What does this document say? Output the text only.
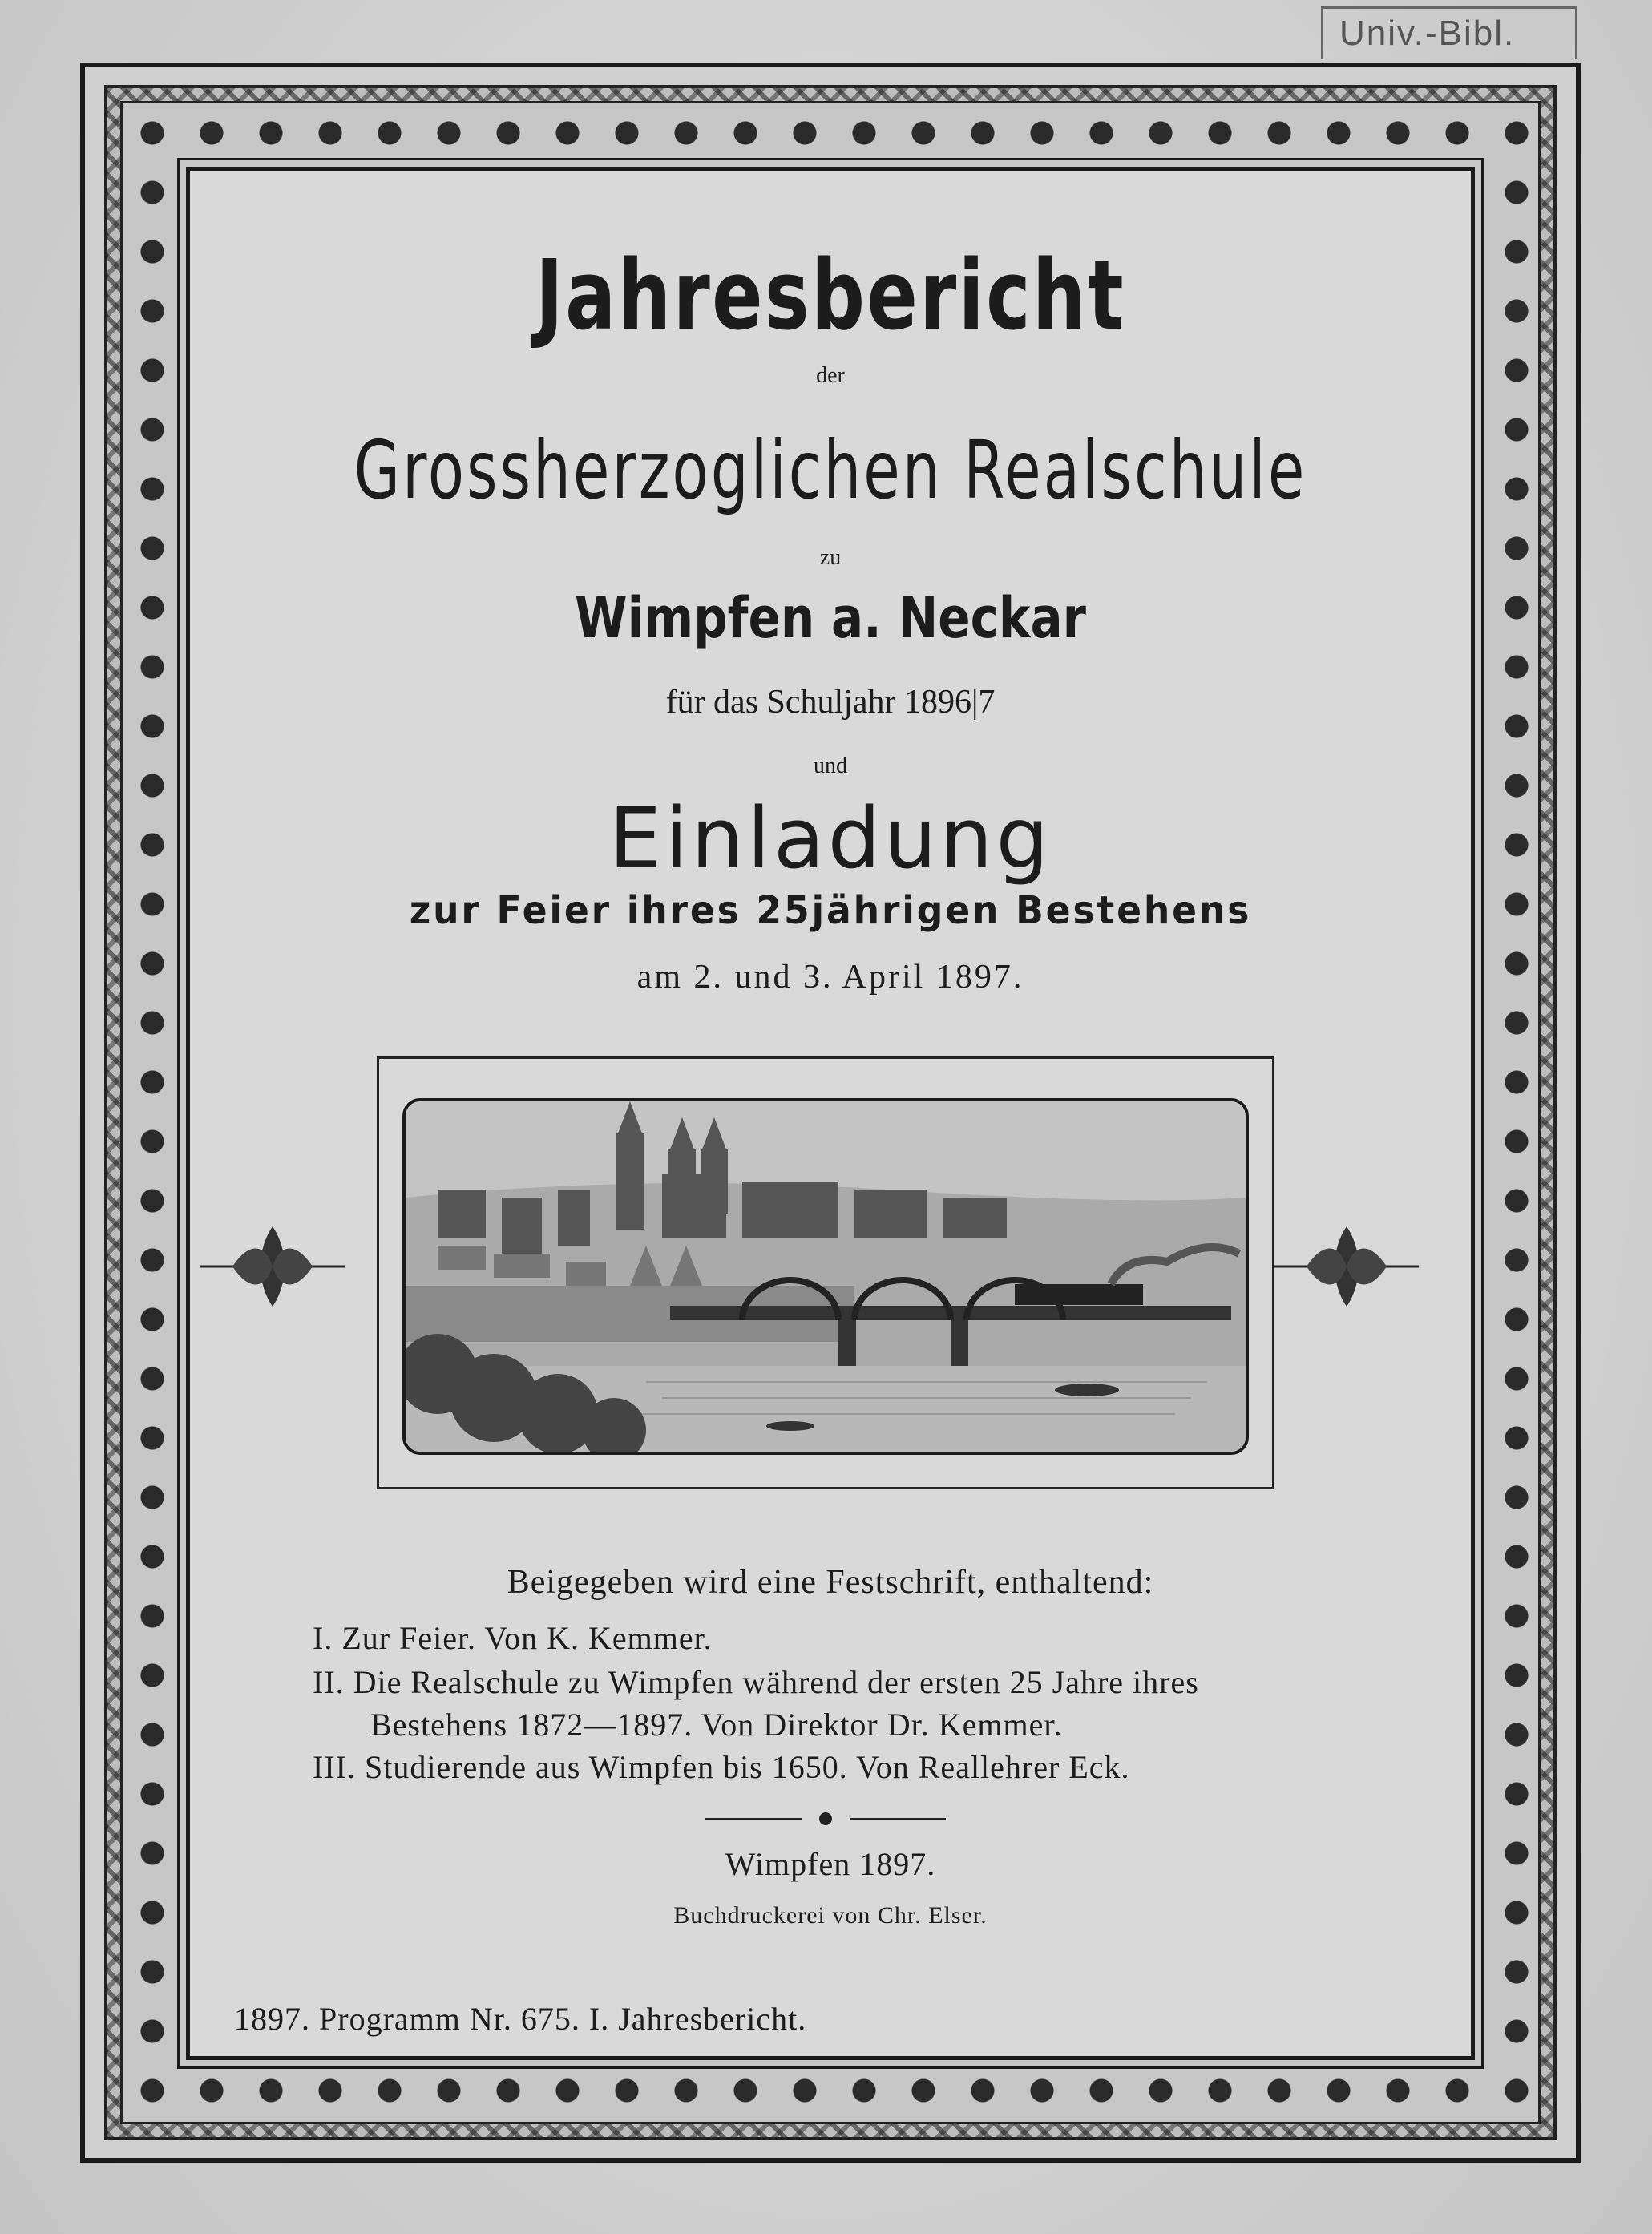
Univ.-Bibl.
Jahresbericht
der
Grossherzoglichen Realschule
zu
Wimpfen a. Neckar
für das Schuljahr 1896|7
und
Einladung
zur Feier ihres 25jährigen Bestehens
am 2. und 3. April 1897.
Beigegeben wird eine Festschrift, enthaltend:
I. Zur Feier. Von K. Kemmer.
II. Die Realschule zu Wimpfen während der ersten 25 Jahre ihres
Bestehens 1872—1897. Von Direktor Dr. Kemmer.
III. Studierende aus Wimpfen bis 1650. Von Reallehrer Eck.
Wimpfen 1897.
Buchdruckerei von Chr. Elser.
1897. Programm Nr. 675. I. Jahresbericht.
